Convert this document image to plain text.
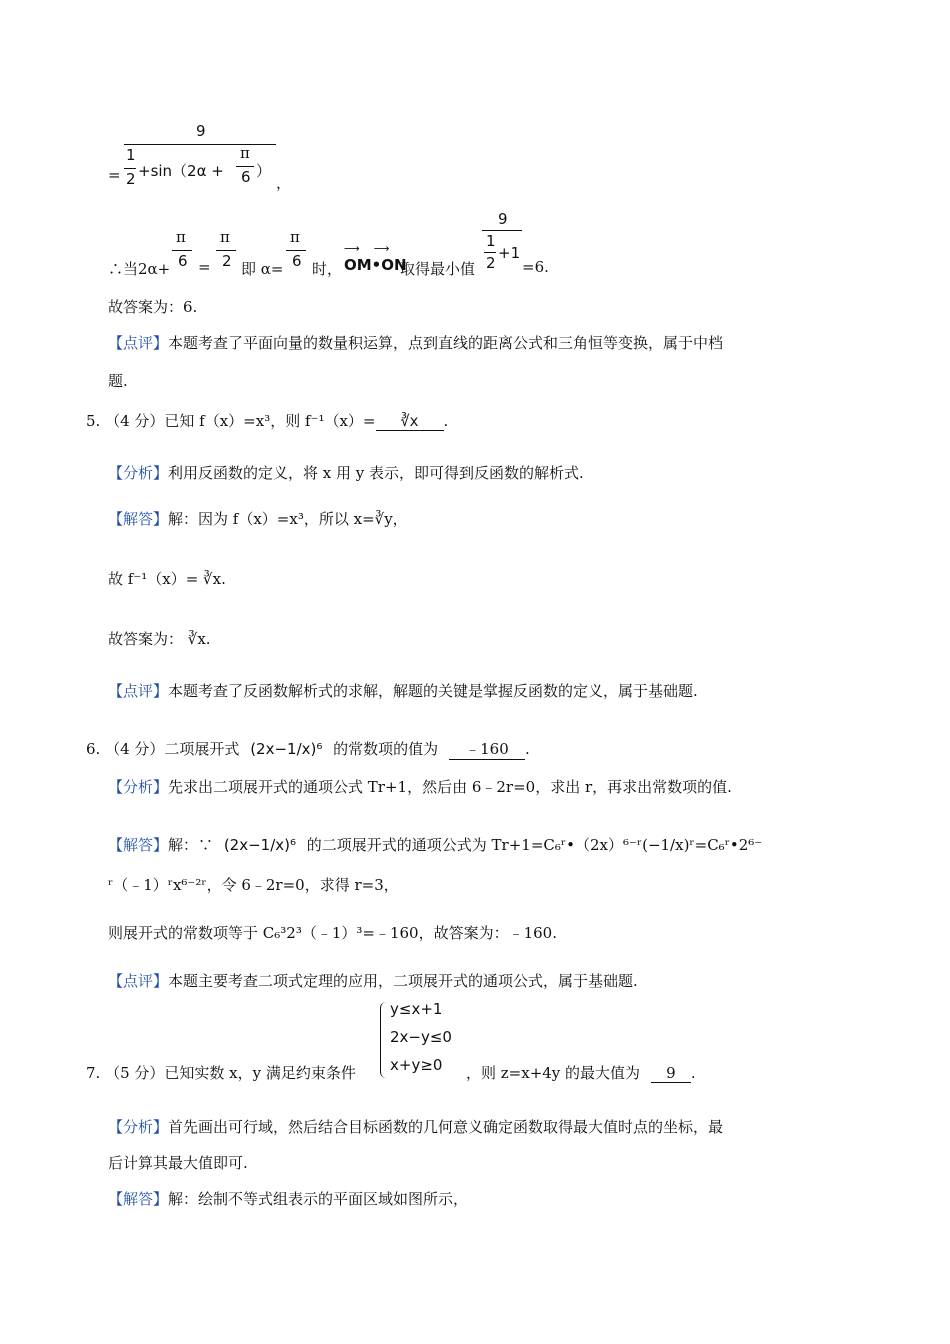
9
=
1
2 +sin（2α +
π
6 ）
，
∴当2α+
π
6 =
π
2 即 α=
π
6 时，
⟶    ⟶
OM•ON
取得最小值
9
1
2
+1
=6.
故答案为：6.
【点评】本题考查了平面向量的数量积运算，点到直线的距离公式和三角恒等变换，属于中档
题.
5. （4 分）已知 f（x）=x³，则 f⁻¹（x）= ∛x .
【分析】利用反函数的定义，将 x 用 y 表示，即可得到反函数的解析式.
【解答】解：因为 f（x）=x³，所以 x=∛y，
故 f⁻¹（x）= ∛x.
故答案为： ∛x.
【点评】本题考查了反函数解析式的求解，解题的关键是掌握反函数的定义，属于基础题.
6. （4 分）二项展开式 (2x−1/x)⁶ 的常数项的值为 ﹣160 .
【分析】先求出二项展开式的通项公式 Tr+1，然后由 6﹣2r=0，求出 r，再求出常数项的值.
【解答】解：∵ (2x−1/x)⁶ 的二项展开式的通项公式为 Tr+1=C₆ʳ•（2x）⁶⁻ʳ(−1/x)ʳ=C₆ʳ•2⁶⁻
ʳ（﹣1）ʳx⁶⁻²ʳ，令 6﹣2r=0，求得 r=3，
则展开式的常数项等于 C₆³2³（﹣1）³=﹣160，故答案为：﹣160.
【点评】本题主要考查二项式定理的应用，二项展开式的通项公式，属于基础题.
y≤x+1
2x−y≤0
x+y≥0
7. （5 分）已知实数 x，y 满足约束条件	，则 z=x+4y 的最大值为 9 .
【分析】首先画出可行域，然后结合目标函数的几何意义确定函数取得最大值时点的坐标，最
后计算其最大值即可.
【解答】解：绘制不等式组表示的平面区域如图所示，
